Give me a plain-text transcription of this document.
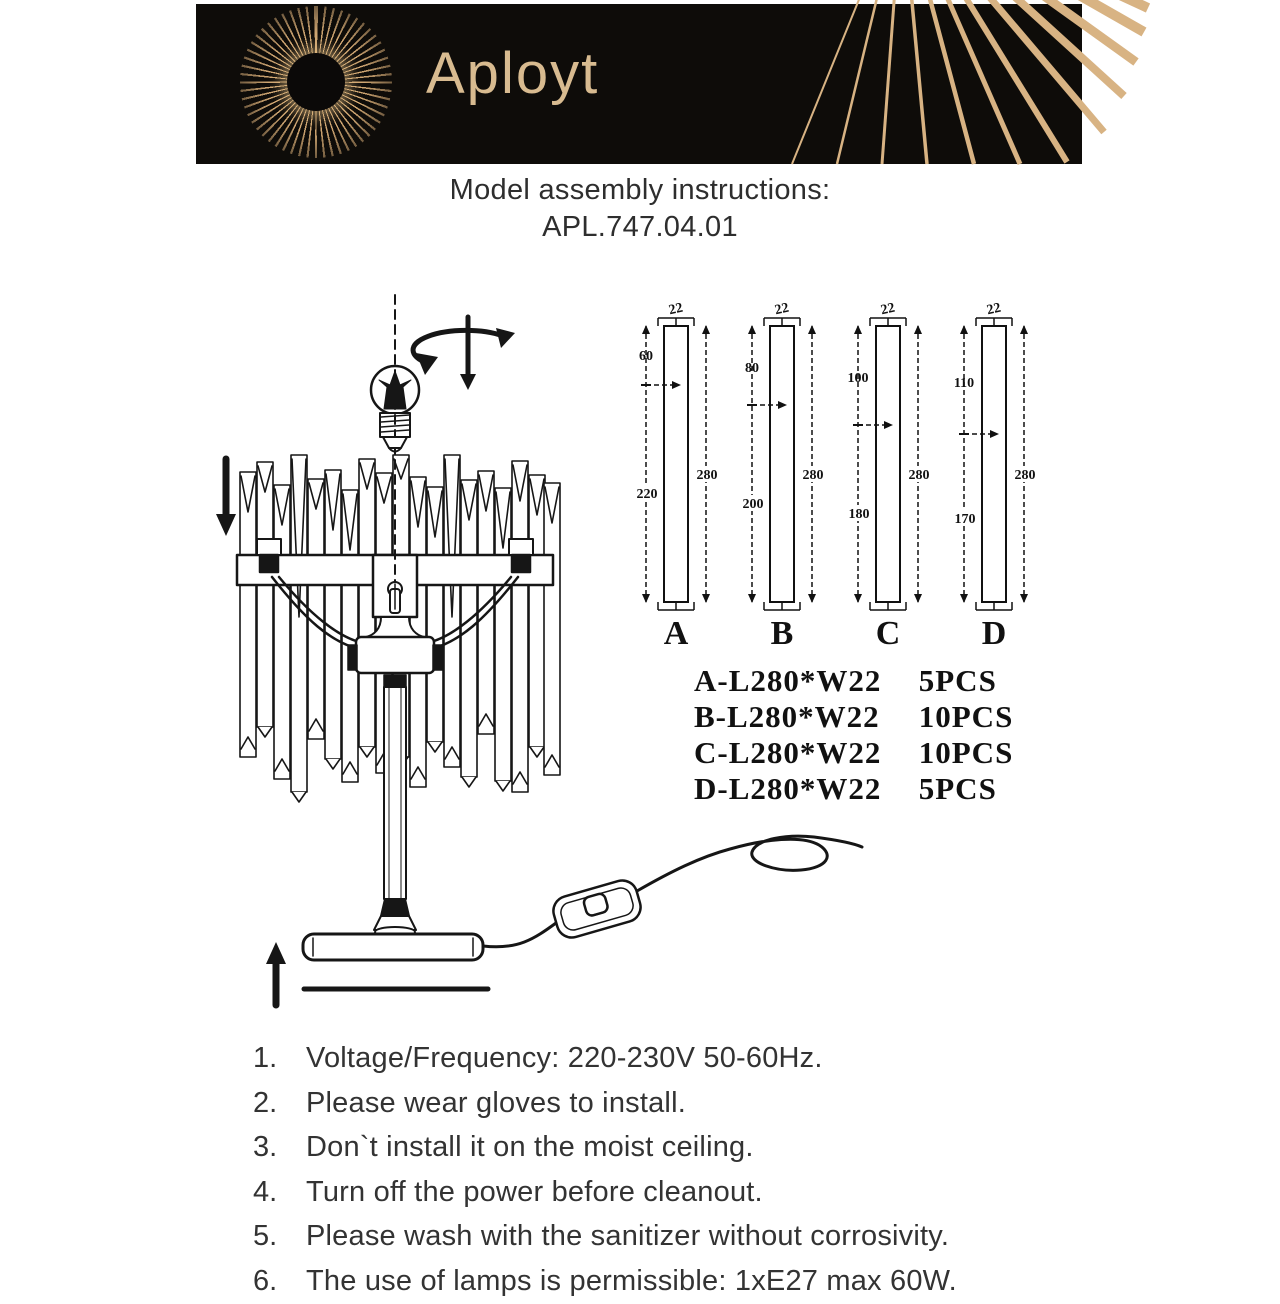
Aployt
Model assembly instructions:
APL.747.04.01
22
60
220
280
A
22
80
200
280
B
22
100
180
280
C
22
110
170
280
D
A-L280*W22 5PCS
B-L280*W22 10PCS
C-L280*W22 10PCS
D-L280*W22 5PCS
1. Voltage/Frequency: 220-230V 50-60Hz.
2. Please wear gloves to install.
3. Don`t install it on the moist ceiling.
4. Turn off the power before cleanout.
5. Please wash with the sanitizer without corrosivity.
6. The use of lamps is permissible: 1xE27 max 60W.
